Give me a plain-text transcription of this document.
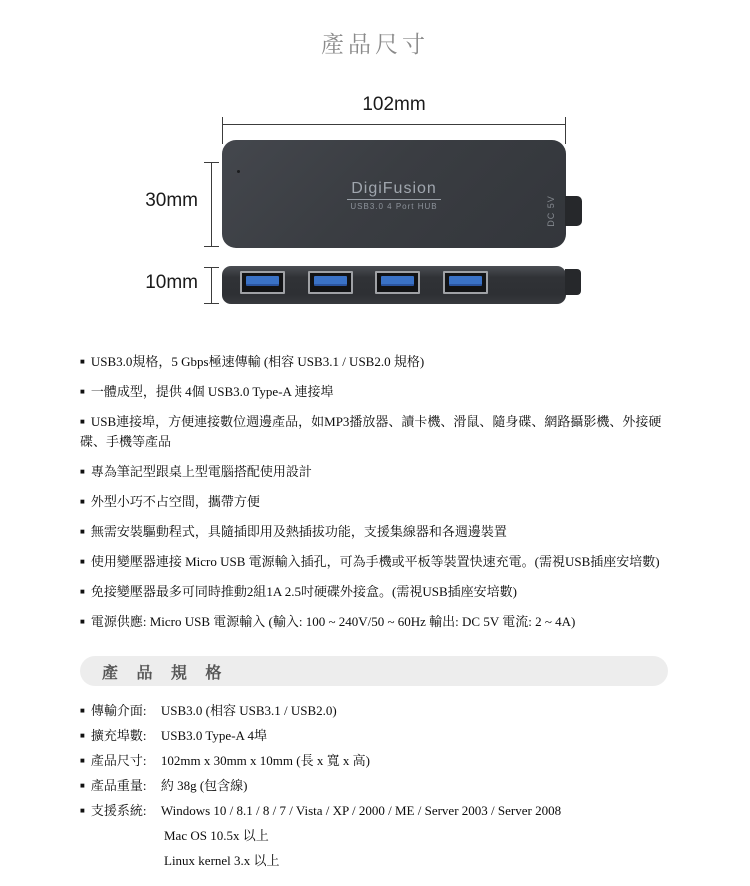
產品尺寸
102mm
30mm
10mm
DigiFusion
USB3.0 4 Port HUB	DC 5V
■ USB3.0規格，5 Gbps極速傳輸 (相容 USB3.1 / USB2.0 規格)
■ 一體成型，提供 4個 USB3.0 Type-A 連接埠
■ USB連接埠，方便連接數位週邊產品，如MP3播放器、讀卡機、滑鼠、隨身碟、網路攝影機、外接硬碟、手機等產品
■ 專為筆記型跟桌上型電腦搭配使用設計
■ 外型小巧不占空間，攜帶方便
■ 無需安裝驅動程式，具隨插即用及熱插拔功能，支援集線器和各週邊裝置
■ 使用變壓器連接 Micro USB 電源輸入插孔，可為手機或平板等裝置快速充電。(需視USB插座安培數)
■ 免接變壓器最多可同時推動2組1A 2.5吋硬碟外接盒。(需視USB插座安培數)
■ 電源供應: Micro USB 電源輸入 (輸入: 100 ~ 240V/50 ~ 60Hz 輸出: DC 5V 電流: 2 ~ 4A)
產 品 規 格
■ 傳輸介面:	USB3.0 (相容 USB3.1 / USB2.0)
■ 擴充埠數:	USB3.0 Type-A 4埠
■ 產品尺寸:	102mm x 30mm x 10mm (長 x 寬 x 高)
■ 產品重量:	約 38g (包含線)
■ 支援系統:	Windows 10 / 8.1 / 8 / 7 / Vista / XP / 2000 / ME / Server 2003 / Server 2008
Mac OS 10.5x 以上
Linux kernel 3.x 以上
